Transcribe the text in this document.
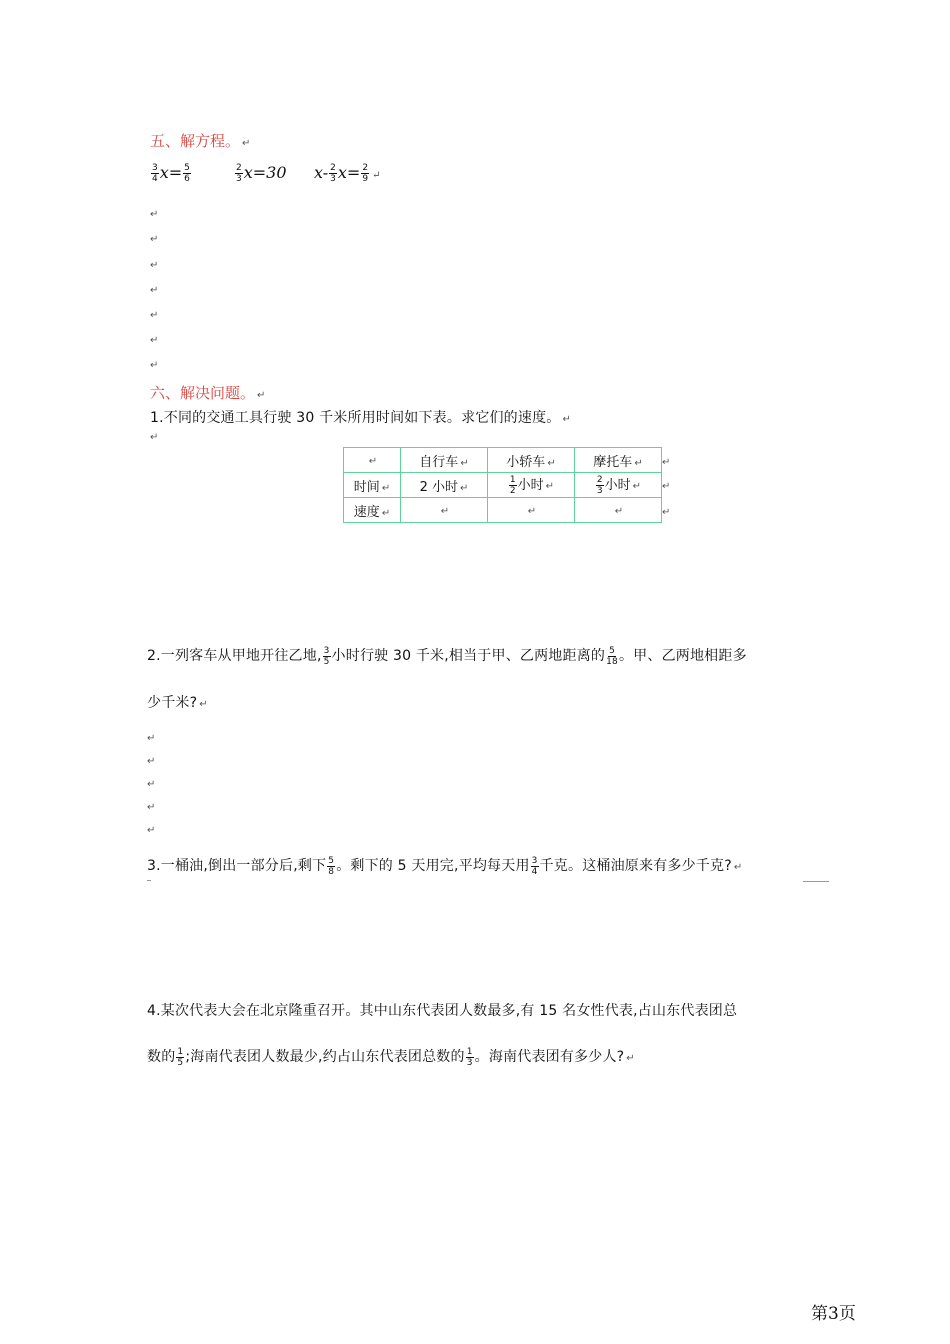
五、解方程。 ↵
$\frac{3}{4} x= \frac{5}{6}$	$\frac{2}{3} x=30$ $x- \frac{2}{3} x= \frac{2}{9}$ ↵
↵
↵
↵
↵
↵
↵
↵
六、解决问题。 ↵
1.不同的交通工具行驶 30 千米所用时间如下表。求它们的速度。 ↵
↵
↵	自行车 ↵	小轿车 ↵	摩托车 ↵
时间 ↵	2 小时 ↵	$\frac{1}{2}$ 小时 ↵	$\frac{2}{3}$ 小时 ↵
速度 ↵	↵	↵	↵
↵
↵
↵
2.一列客车从甲地开往乙地, $\frac{3}{5}$ 小时行驶 30 千米,相当于甲、乙两地距离的 $\frac{5}{18}$ 。甲、乙两地相距多
少千米? ↵
↵
↵
↵
↵
↵
3.一桶油,倒出一部分后,剩下 $\frac{5}{8}$ 。剩下的 5 天用完,平均每天用 $\frac{3}{4}$ 千克。这桶油原来有多少千克? ↵
4.某次代表大会在北京隆重召开。其中山东代表团人数最多,有 15 名女性代表,占山东代表团总
数的 $\frac{1}{5}$ ;海南代表团人数最少,约占山东代表团总数的 $\frac{1}{3}$ 。海南代表团有多少人? ↵
第3页
